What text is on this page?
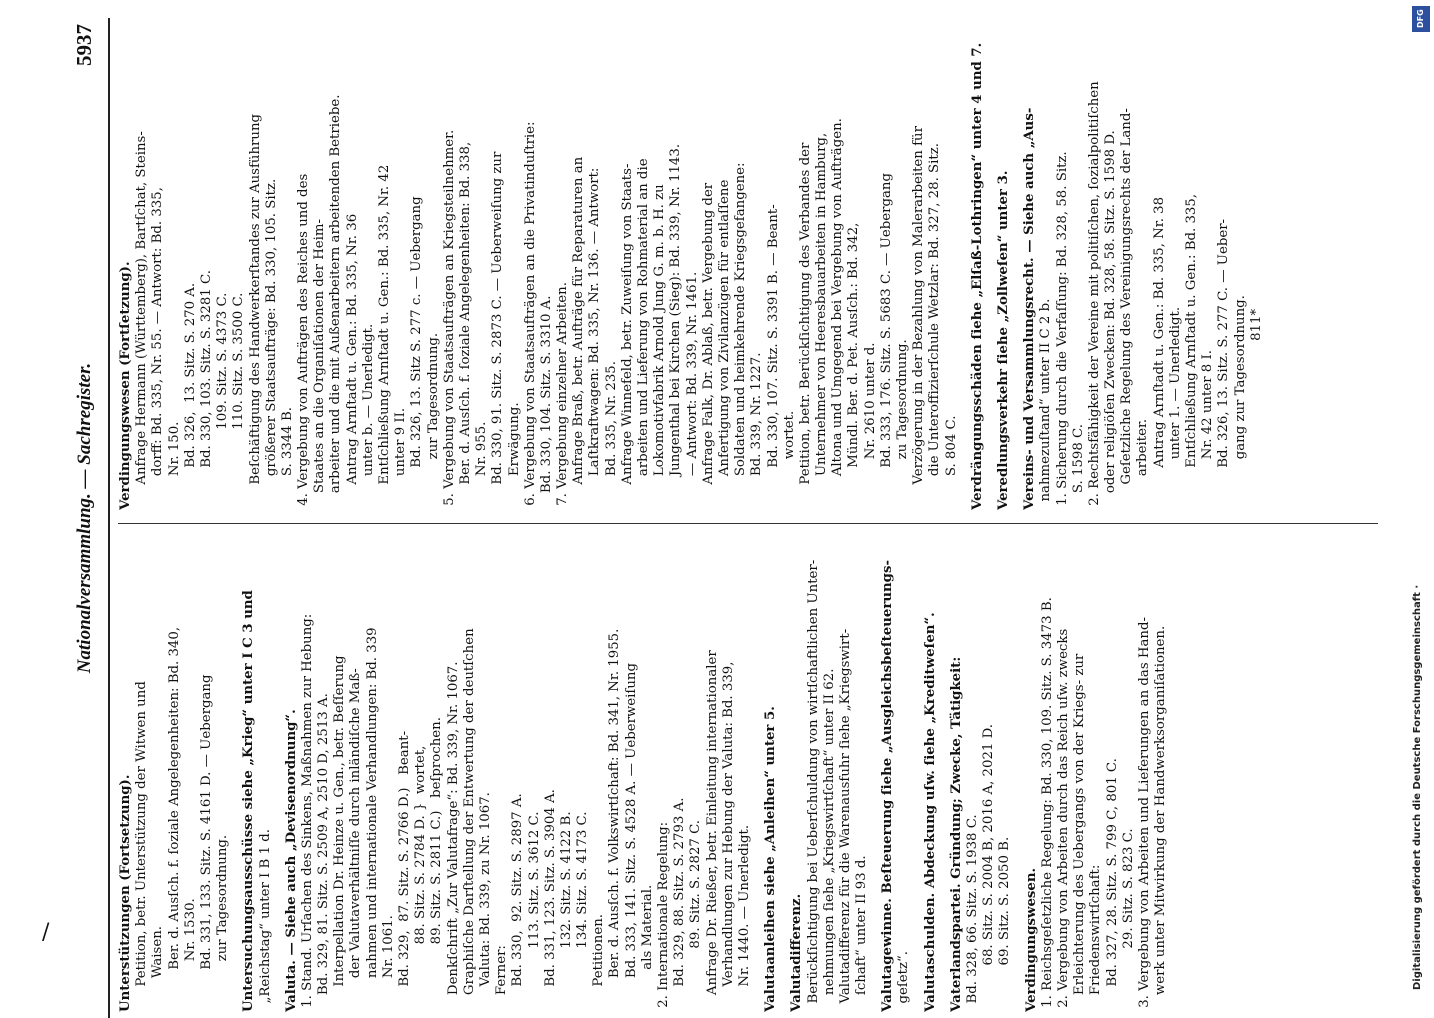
Nationalversammlung. — Sachregister.
5937
Unterstützungen (Fortsetzung). Petition, betr. Unterstützung der Witwen und Waisen. Ber. d. Ausſch. f. ſoziale Angelegenheiten: Bd. 340, Nr. 1530. Bd. 331, 133. Sitz. S. 4161 D. — Uebergang zur Tagesordnung. Untersuchungsausschüsse siehe „Krieg“ unter I C 3 und „Reichstag“ unter I B 1 d. Valuta. — Siehe auch „Devisenordnung“. 1. Stand. Urſachen des Sinkens, Maßnahmen zur Hebung: Bd. 329, 81. Sitz. S. 2509 A, 2510 D, 2513 A. Interpellation Dr. Heinze u. Gen., betr. Beſſerung der Valutaverhältniſſe durch inländiſche Maß- nahmen und internationale Verhandlungen: Bd. 339 Nr. 1061. Bd. 329,  87. Sitz. S. 2766 D.)   Beant- 88. Sitz. S. 2784 D. }  wortet, 89. Sitz. S. 2811 C.)   beſprochen. Denkſchrift „Zur Valutafrage“: Bd. 339, Nr. 1067. Graphiſche Darſtellung der Entwertung der deutſchen Valuta: Bd. 339, zu Nr. 1067. Ferner: Bd. 330,  92. Sitz. S. 2897 A. 113. Sitz. S. 3612 C. Bd. 331, 123. Sitz. S. 3904 A. 132. Sitz. S. 4122 B. 134. Sitz. S. 4173 C. Petitionen. Ber. d. Ausſch. f. Volkswirtſchaft: Bd. 341, Nr. 1955. Bd. 333, 141. Sitz. S. 4528 A. — Ueberweiſung als Material. 2. Internationale Regelung: Bd. 329, 88. Sitz. S. 2793 A. 89. Sitz. S. 2827 C. Anfrage Dr. Rießer, betr. Einleitung internationaler Verhandlungen zur Hebung der Valuta: Bd. 339, Nr. 1440. — Unerledigt. Valutaanleihen siehe „Anleihen“ unter 5. Valutadifferenz. Berückſichtigung bei Ueberſchuldung von wirtſchaftlichen Unter- nehmungen ſiehe „Kriegswirtſchaft“ unter II 62. Valutadifferenz für die Warenausfuhr ſiehe „Kriegswirt- ſchaft“ unter II 93 d. Valutagewinne. Beſteuerung ſiehe „Ausgleichsbeſteuerungs- geſetz“. Valutaschulden. Abdeckung uſw. ſiehe „Kreditweſen“. Vaterlandspartei. Gründung; Zwecke, Tätigkeit: Bd. 328, 66. Sitz. S. 1938 C. 68. Sitz. S. 2004 B, 2016 A, 2021 D. 69. Sitz. S. 2050 B. Verdingungswesen. 1. Reichsgeſetzliche Regelung: Bd. 330, 109. Sitz. S. 3473 B. 2. Vergebung von Arbeiten durch das Reich uſw. zwecks Erleichterung des Uebergangs von der Kriegs- zur Friedenswirtſchaft: Bd. 327, 28. Sitz. S. 799 C, 801 C. 29. Sitz. S. 823 C. 3. Vergebung von Arbeiten und Lieferungen an das Hand- werk unter Mitwirkung der Handwerksorganiſationen.
Verdingungswesen (Fortſetzung). Anfrage Hermann (Württemberg), Bartſchat, Steins- dorff: Bd. 335, Nr. 55. — Antwort: Bd. 335, Nr. 150. Bd. 326,  13. Sitz. S. 270 A. Bd. 330, 103. Sitz. S. 3281 C. 109. Sitz. S. 4373 C. 110. Sitz. S. 3500 C. Beſchäftigung des Handwerkerſtandes zur Ausführung größerer Staatsaufträge: Bd. 330, 105. Sitz. S. 3344 B. 4. Vergebung von Aufträgen des Reiches und des Staates an die Organiſationen der Heim- arbeiter und die mit Außenarbeitern arbeitenden Betriebe. Antrag Arnſtadt u. Gen.: Bd. 335, Nr. 36 unter b. — Unerledigt. Entſchließung Arnſtadt u. Gen.: Bd. 335, Nr. 42 unter 9 II. Bd. 326, 13. Sitz S. 277 c. — Uebergang zur Tagesordnung. 5. Vergebung von Staatsaufträgen an Kriegsteilnehmer. Ber. d. Ausſch. f. ſoziale Angelegenheiten: Bd. 338, Nr. 955. Bd. 330, 91. Sitz. S. 2873 C. — Ueberweiſung zur Erwägung. 6. Vergebung von Staatsaufträgen an die Privatinduſtrie: Bd. 330, 104. Sitz. S. 3310 A. 7. Vergebung einzelner Arbeiten. Anfrage Braß, betr. Aufträge für Reparaturen an Laſtkraftwagen: Bd. 335, Nr. 136. — Antwort: Bd. 335, Nr. 235. Anfrage Winnefeld, betr. Zuweiſung von Staats- arbeiten und Lieferung von Rohmaterial an die Lokomotivfabrik Arnold Jung G. m. b. H. zu Jungenthal bei Kirchen (Sieg): Bd. 339, Nr. 1143. — Antwort: Bd. 339, Nr. 1461. Anfrage Falk, Dr. Ablaß, betr. Vergebung der Anfertigung von Zivilanzügen für entlaſſene Soldaten und heimkehrende Kriegsgefangene: Bd. 339, Nr. 1227. Bd. 330, 107. Sitz. S. 3391 B. — Beant- wortet. Petition, betr. Berückſichtigung des Verbandes der Unternehmer von Heeresbauarbeiten in Hamburg, Altona und Umgegend bei Vergebung von Aufträgen. Mündl. Ber. d. Pet. Ausſch.: Bd. 342, Nr. 2610 unter d. Bd. 333, 176. Sitz. S. 5683 C. — Uebergang zu Tagesordnung. Verzögerung in der Bezahlung von Malerarbeiten für die Unteroffizierſchule Wetzlar: Bd. 327, 28. Sitz. S. 804 C. Verdrängungsschäden ſiehe „Elſaß-Lothringen“ unter 4 und 7. Veredlungsverkehr ſiehe „Zollweſen“ unter 3. Vereins- und Versammlungsrecht. — Siehe auch „Aus- nahmezuſtand“ unter II C 2 b. 1. Sicherung durch die Verfaſſung: Bd. 328, 58. Sitz. S. 1598 C. 2. Rechtsfähigkeit der Vereine mit politiſchen, ſozialpolitiſchen oder religiöſen Zwecken: Bd. 328, 58. Sitz. S. 1598 D. Geſetzliche Regelung des Vereinigungsrechts der Land- arbeiter. Antrag Arnſtadt u. Gen.: Bd. 335, Nr. 38 unter 1. — Unerledigt. Entſchließung Arnſtadt u. Gen.: Bd. 335, Nr. 42 unter 8 I. Bd. 326, 13. Sitz. S. 277 C. — Ueber- gang zur Tagesordnung. 811*
/
DFG
Digitalisierung gefördert durch die Deutsche Forschungsgemeinschaft ·
